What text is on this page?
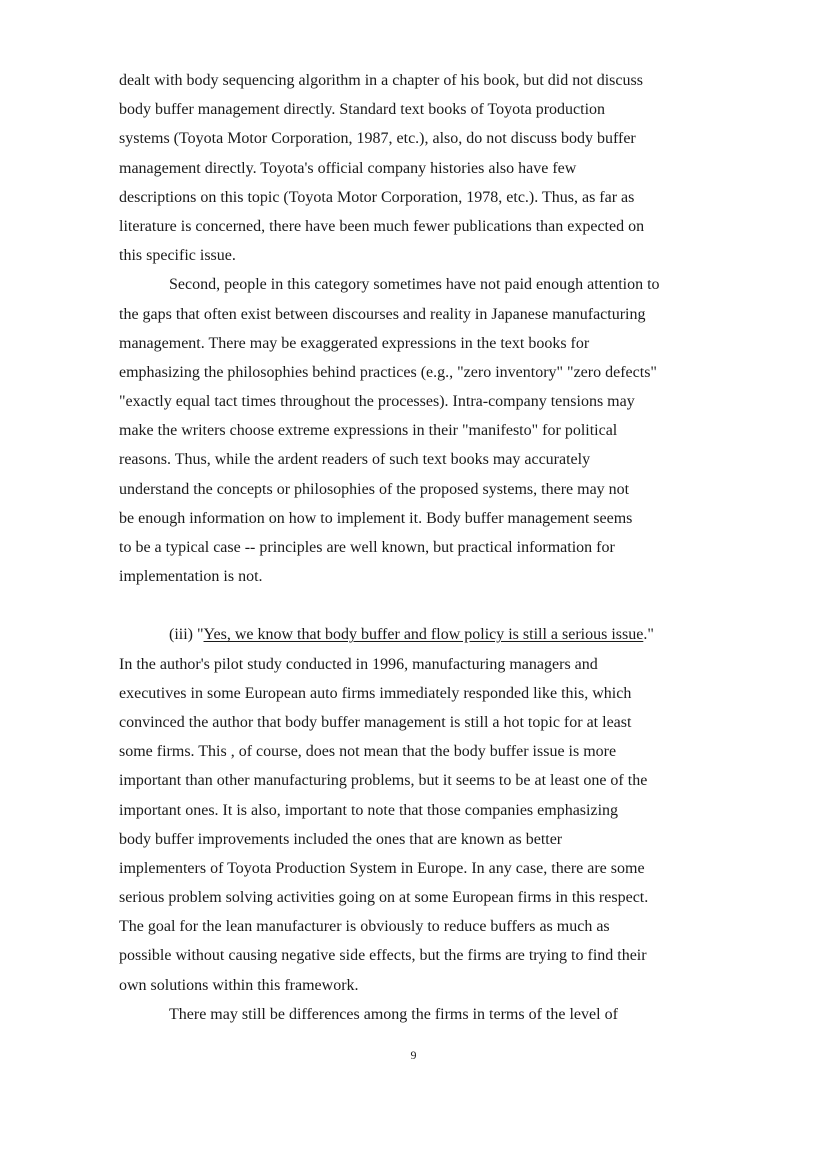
dealt with body sequencing algorithm in a chapter of his book, but did not discuss
body buffer management directly. Standard text books of Toyota production
systems (Toyota Motor Corporation, 1987, etc.), also, do not discuss body buffer
management directly. Toyota's official company histories also have few
descriptions on this topic (Toyota Motor Corporation, 1978, etc.). Thus, as far as
literature is concerned, there have been much fewer publications than expected on
this specific issue.
Second, people in this category sometimes have not paid enough attention to
the gaps that often exist between discourses and reality in Japanese manufacturing
management. There may be exaggerated expressions in the text books for
emphasizing the philosophies behind practices (e.g., "zero inventory" "zero defects"
"exactly equal tact times throughout the processes). Intra-company tensions may
make the writers choose extreme expressions in their "manifesto" for political
reasons. Thus, while the ardent readers of such text books may accurately
understand the concepts or philosophies of the proposed systems, there may not
be enough information on how to implement it. Body buffer management seems
to be a typical case -- principles are well known, but practical information for
implementation is not.
(iii) "Yes, we know that body buffer and flow policy is still a serious issue."
In the author's pilot study conducted in 1996, manufacturing managers and
executives in some European auto firms immediately responded like this, which
convinced the author that body buffer management is still a hot topic for at least
some firms. This , of course, does not mean that the body buffer issue is more
important than other manufacturing problems, but it seems to be at least one of the
important ones. It is also, important to note that those companies emphasizing
body buffer improvements included the ones that are known as better
implementers of Toyota Production System in Europe. In any case, there are some
serious problem solving activities going on at some European firms in this respect.
The goal for the lean manufacturer is obviously to reduce buffers as much as
possible without causing negative side effects, but the firms are trying to find their
own solutions within this framework.
There may still be differences among the firms in terms of the level of
9
